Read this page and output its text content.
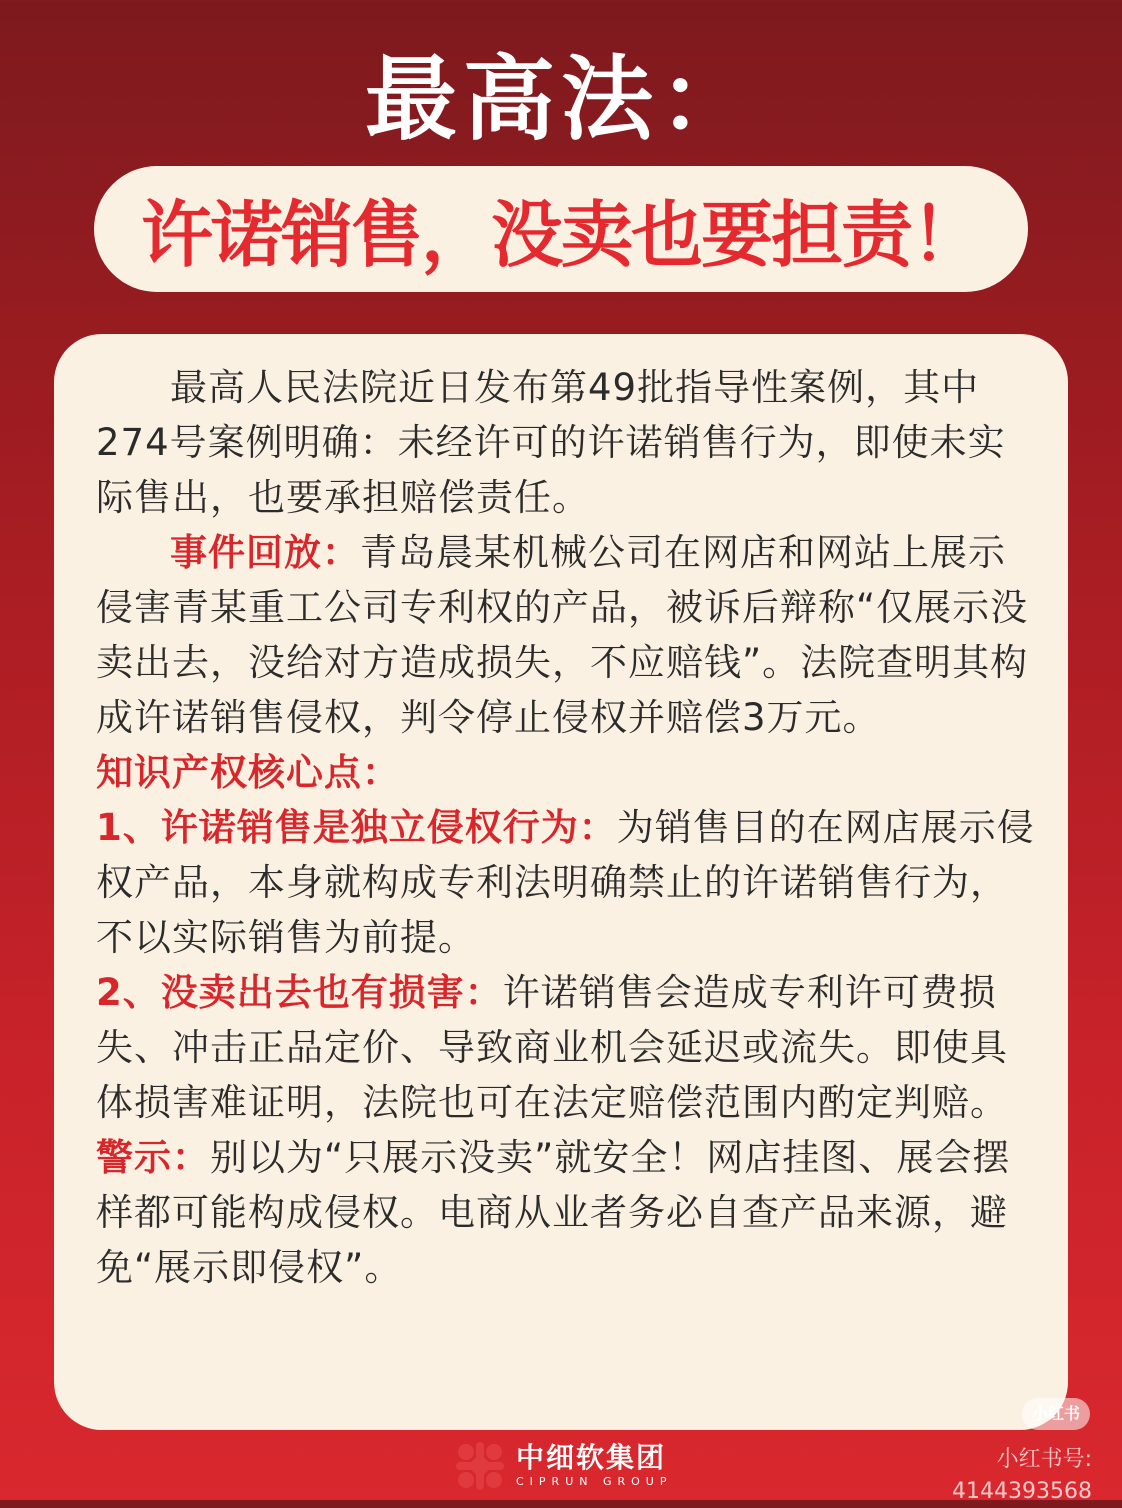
最高法：
许诺销售，没卖也要担责！

最高人民法院近日发布第49批指导性案例，其中274号案例明确：未经许可的许诺销售行为，即使未实际售出，也要承担赔偿责任。

事件回放：青岛晨某机械公司在网店和网站上展示侵害青某重工公司专利权的产品，被诉后辩称“仅展示没卖出去，没给对方造成损失，不应赔钱”。法院查明其构成许诺销售侵权，判令停止侵权并赔偿3万元。

知识产权核心点：

1、许诺销售是独立侵权行为：为销售目的在网店展示侵权产品，本身就构成专利法明确禁止的许诺销售行为，不以实际销售为前提。

2、没卖出去也有损害：许诺销售会造成专利许可费损失、冲击正品定价、导致商业机会延迟或流失。即使具体损害难证明，法院也可在法定赔偿范围内酌定判赔。

警示：别以为“只展示没卖”就安全！网店挂图、展会摆样都可能构成侵权。电商从业者务必自查产品来源，避免“展示即侵权”。

中细软集团
CIPRUN GROUP
小红书
小红书号: 4144393568
